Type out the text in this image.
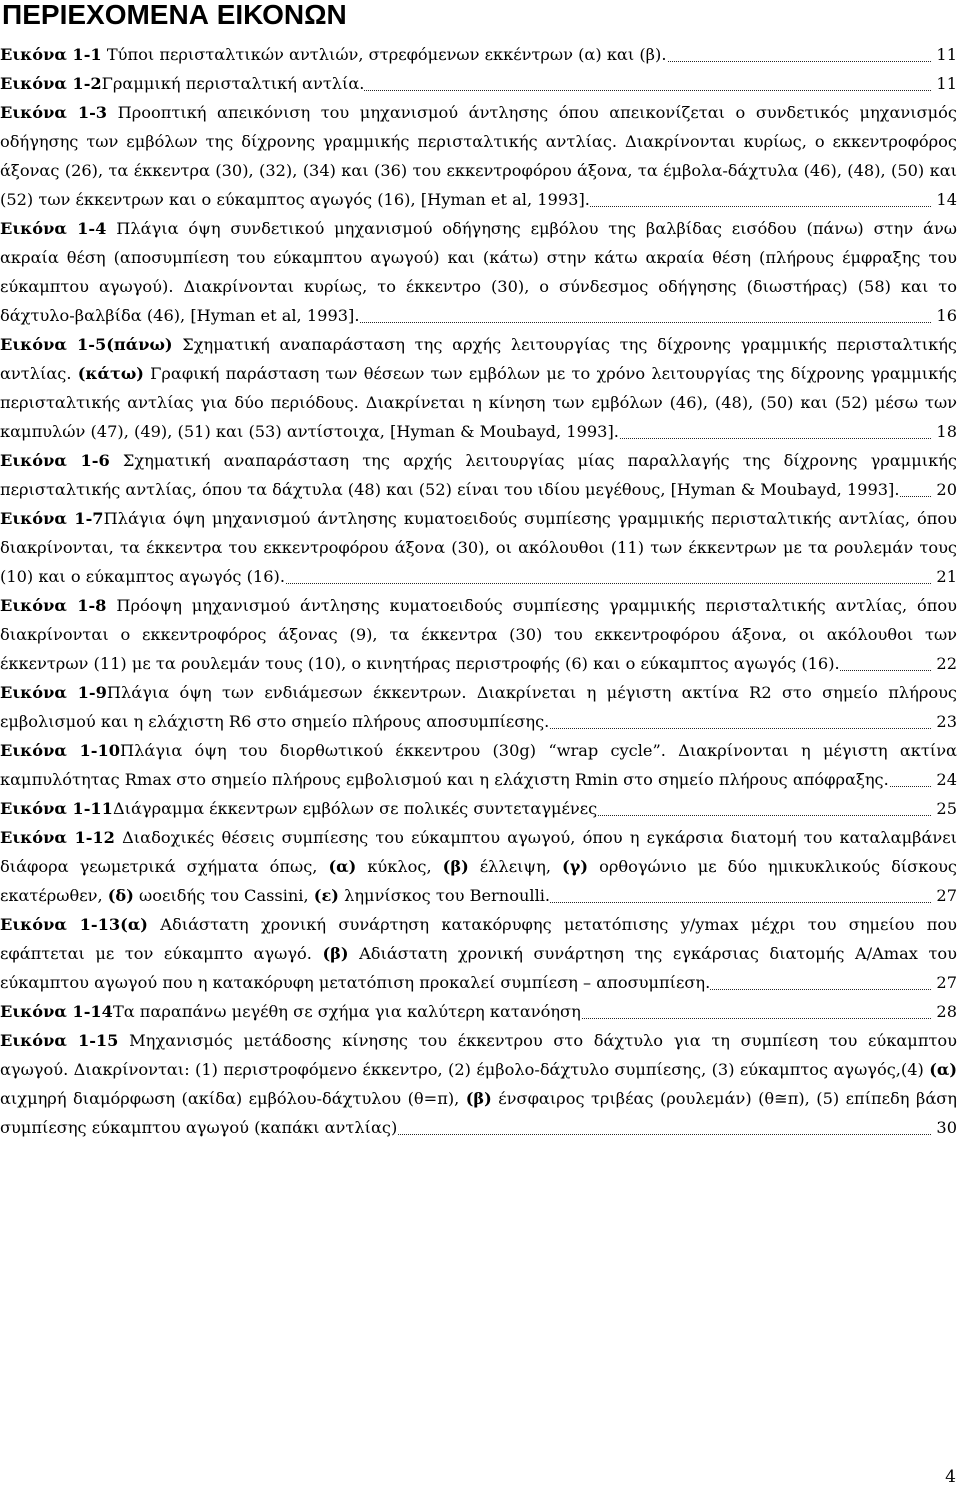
ΠΕΡΙΕΧΟΜΕΝΑ ΕΙΚΟΝΩΝ
Εικόνα 1-1 Τύποι περισταλτικών αντλιών, στρεφόμενων εκκέντρων (α) και (β).	11
Εικόνα 1-2Γραμμική περισταλτική αντλία.	11
Εικόνα 1-3 Προοπτική απεικόνιση του μηχανισμού άντλησης όπου απεικονίζεται ο συνδετικός μηχανισμός οδήγησης των εμβόλων της δίχρονης γραμμικής περισταλτικής αντλίας. Διακρίνονται κυρίως, ο εκκεντροφόρος άξονας (26), τα έκκεντρα (30), (32), (34) και (36) του εκκεντροφόρου άξονα, τα έμβολα-δάχτυλα (46), (48), (50) και (52) των έκκεντρων και ο εύκαμπτος αγωγός (16), [Hyman et al, 1993].	14
Εικόνα 1-4 Πλάγια όψη συνδετικού μηχανισμού οδήγησης εμβόλου της βαλβίδας εισόδου (πάνω) στην άνω ακραία θέση (αποσυμπίεση του εύκαμπτου αγωγού) και (κάτω) στην κάτω ακραία θέση (πλήρους έμφραξης του εύκαμπτου αγωγού). Διακρίνονται κυρίως, το έκκεντρο (30), ο σύνδεσμος οδήγησης (διωστήρας) (58) και το δάχτυλο-βαλβίδα (46), [Hyman et al, 1993].	16
Εικόνα 1-5(πάνω) Σχηματική αναπαράσταση της αρχής λειτουργίας της δίχρονης γραμμικής περισταλτικής αντλίας. (κάτω) Γραφική παράσταση των θέσεων των εμβόλων με το χρόνο λειτουργίας της δίχρονης γραμμικής περισταλτικής αντλίας για δύο περιόδους. Διακρίνεται η κίνηση των εμβόλων (46), (48), (50) και (52) μέσω των καμπυλών (47), (49), (51) και (53) αντίστοιχα, [Hyman & Moubayd, 1993].	18
Εικόνα 1-6 Σχηματική αναπαράσταση της αρχής λειτουργίας μίας παραλλαγής της δίχρονης γραμμικής περισταλτικής αντλίας, όπου τα δάχτυλα (48) και (52) είναι του ιδίου μεγέθους, [Hyman & Moubayd, 1993].	20
Εικόνα 1-7Πλάγια όψη μηχανισμού άντλησης κυματοειδούς συμπίεσης γραμμικής περισταλτικής αντλίας, όπου διακρίνονται, τα έκκεντρα του εκκεντροφόρου άξονα (30), οι ακόλουθοι (11) των έκκεντρων με τα ρουλεμάν τους (10) και ο εύκαμπτος αγωγός (16).	21
Εικόνα 1-8 Πρόοψη μηχανισμού άντλησης κυματοειδούς συμπίεσης γραμμικής περισταλτικής αντλίας, όπου διακρίνονται ο εκκεντροφόρος άξονας (9), τα έκκεντρα (30) του εκκεντροφόρου άξονα, οι ακόλουθοι των έκκεντρων (11) με τα ρουλεμάν τους (10), ο κινητήρας περιστροφής (6) και ο εύκαμπτος αγωγός (16).	22
Εικόνα 1-9Πλάγια όψη των ενδιάμεσων έκκεντρων. Διακρίνεται η μέγιστη ακτίνα R2 στο σημείο πλήρους εμβολισμού και η ελάχιστη R6 στο σημείο πλήρους αποσυμπίεσης.	23
Εικόνα 1-10Πλάγια όψη του διορθωτικού έκκεντρου (30g) “wrap cycle”. Διακρίνονται η μέγιστη ακτίνα καμπυλότητας Rmax στο σημείο πλήρους εμβολισμού και η ελάχιστη Rmin στο σημείο πλήρους απόφραξης.	24
Εικόνα 1-11Διάγραμμα έκκεντρων εμβόλων σε πολικές συντεταγμένες	25
Εικόνα 1-12 Διαδοχικές θέσεις συμπίεσης του εύκαμπτου αγωγού, όπου η εγκάρσια διατομή του καταλαμβάνει διάφορα γεωμετρικά σχήματα όπως, (α) κύκλος, (β) έλλειψη, (γ) ορθογώνιο με δύο ημικυκλικούς δίσκους εκατέρωθεν, (δ) ωοειδής του Cassini, (ε) λημνίσκος του Bernoulli.	27
Εικόνα 1-13(α) Αδιάστατη χρονική συνάρτηση κατακόρυφης μετατόπισης y/ymax μέχρι του σημείου που εφάπτεται με τον εύκαμπτο αγωγό. (β) Αδιάστατη χρονική συνάρτηση της εγκάρσιας διατομής A/Amax του εύκαμπτου αγωγού που η κατακόρυφη μετατόπιση προκαλεί συμπίεση – αποσυμπίεση.	27
Εικόνα 1-14Τα παραπάνω μεγέθη σε σχήμα για καλύτερη κατανόηση	28
Εικόνα 1-15 Μηχανισμός μετάδοσης κίνησης του έκκεντρου στο δάχτυλο για τη συμπίεση του εύκαμπτου αγωγού. Διακρίνονται: (1) περιστροφόμενο έκκεντρο, (2) έμβολο-δάχτυλο συμπίεσης, (3) εύκαμπτος αγωγός,(4) (α) αιχμηρή διαμόρφωση (ακίδα) εμβόλου-δάχτυλου (θ=π), (β) ένσφαιρος τριβέας (ρουλεμάν) (θ≅π), (5) επίπεδη βάση συμπίεσης εύκαμπτου αγωγού (καπάκι αντλίας)	30
4
